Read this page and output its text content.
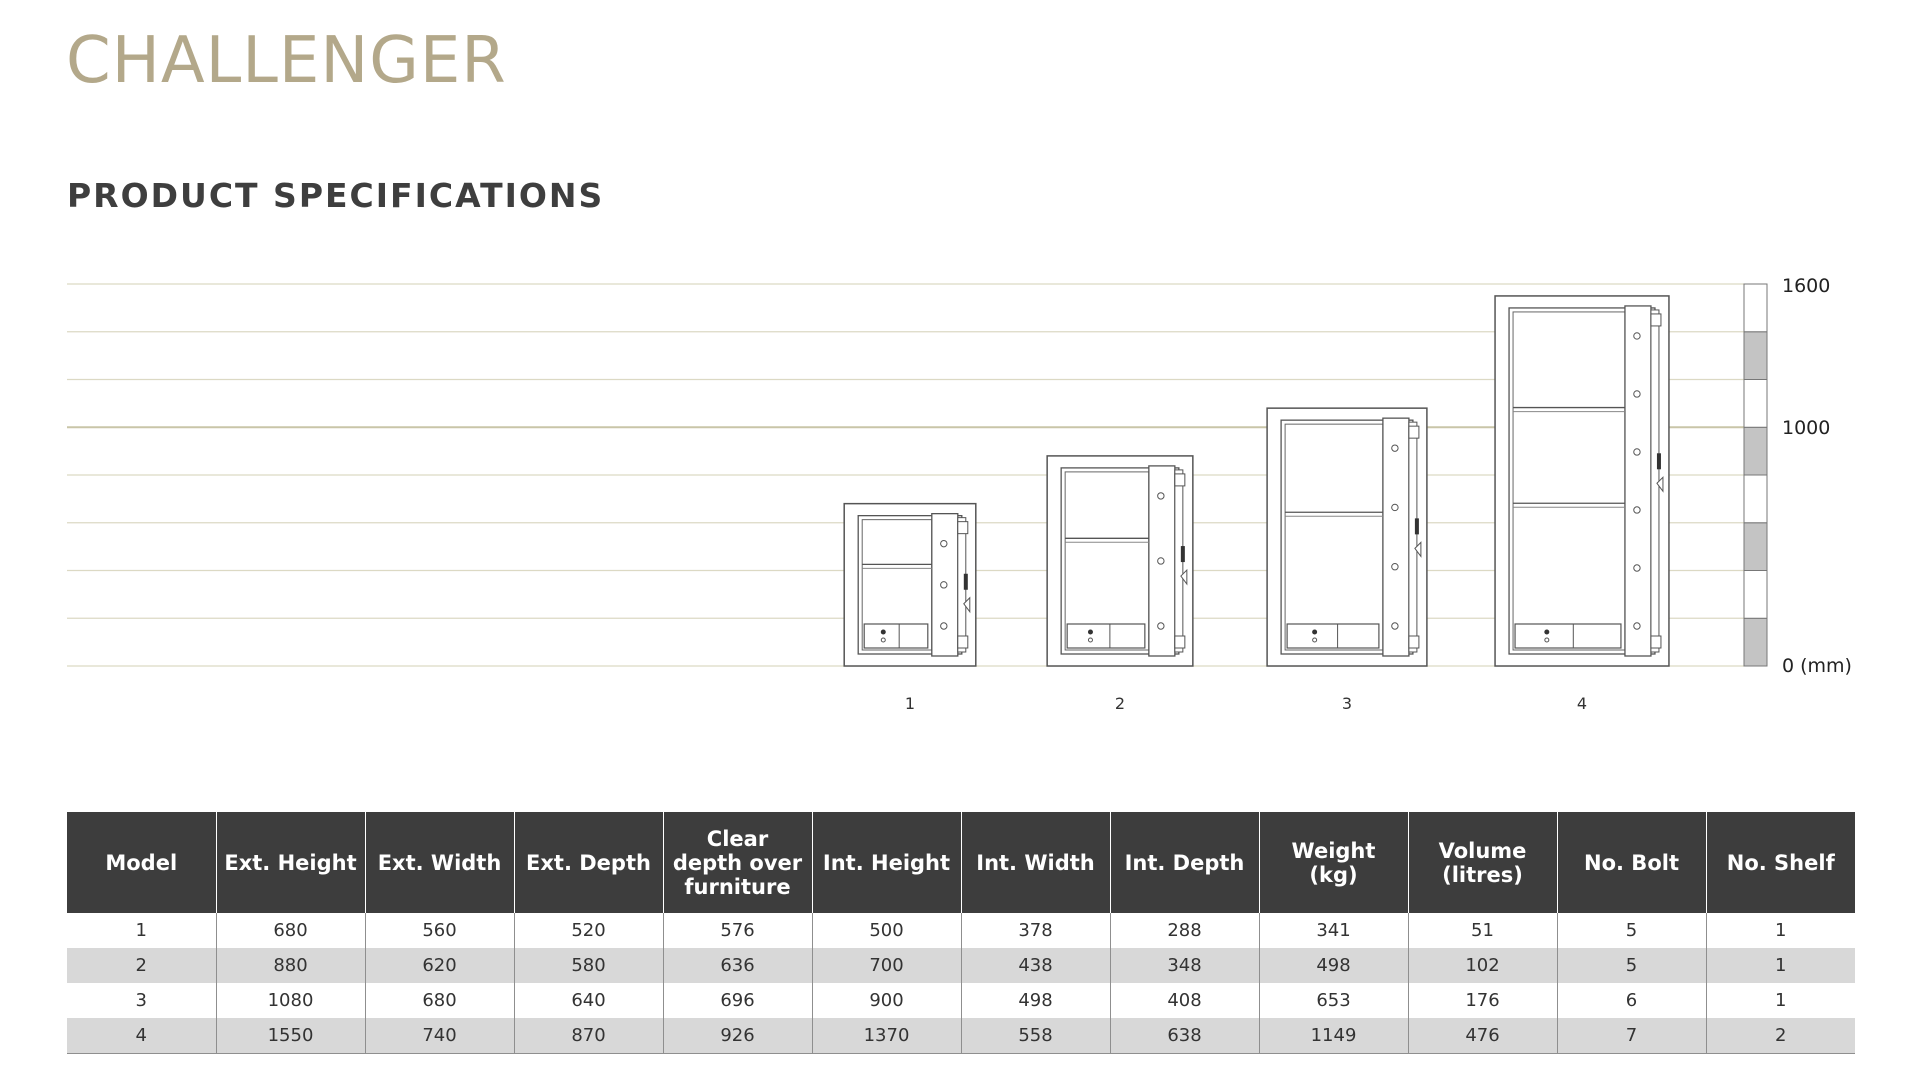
CHALLENGER
PRODUCT SPECIFICATIONS
1600
1000
0 (mm)
1	2	3	4
Model	Ext. Height	Ext. Width	Ext. Depth	Clear
depth over
furniture	Int. Height	Int. Width	Int. Depth	Weight
(kg)	Volume
(litres)	No. Bolt	No. Shelf
1	680	560	520	576	500	378	288	341	51	5	1
2	880	620	580	636	700	438	348	498	102	5	1
3	1080	680	640	696	900	498	408	653	176	6	1
4	1550	740	870	926	1370	558	638	1149	476	7	2
